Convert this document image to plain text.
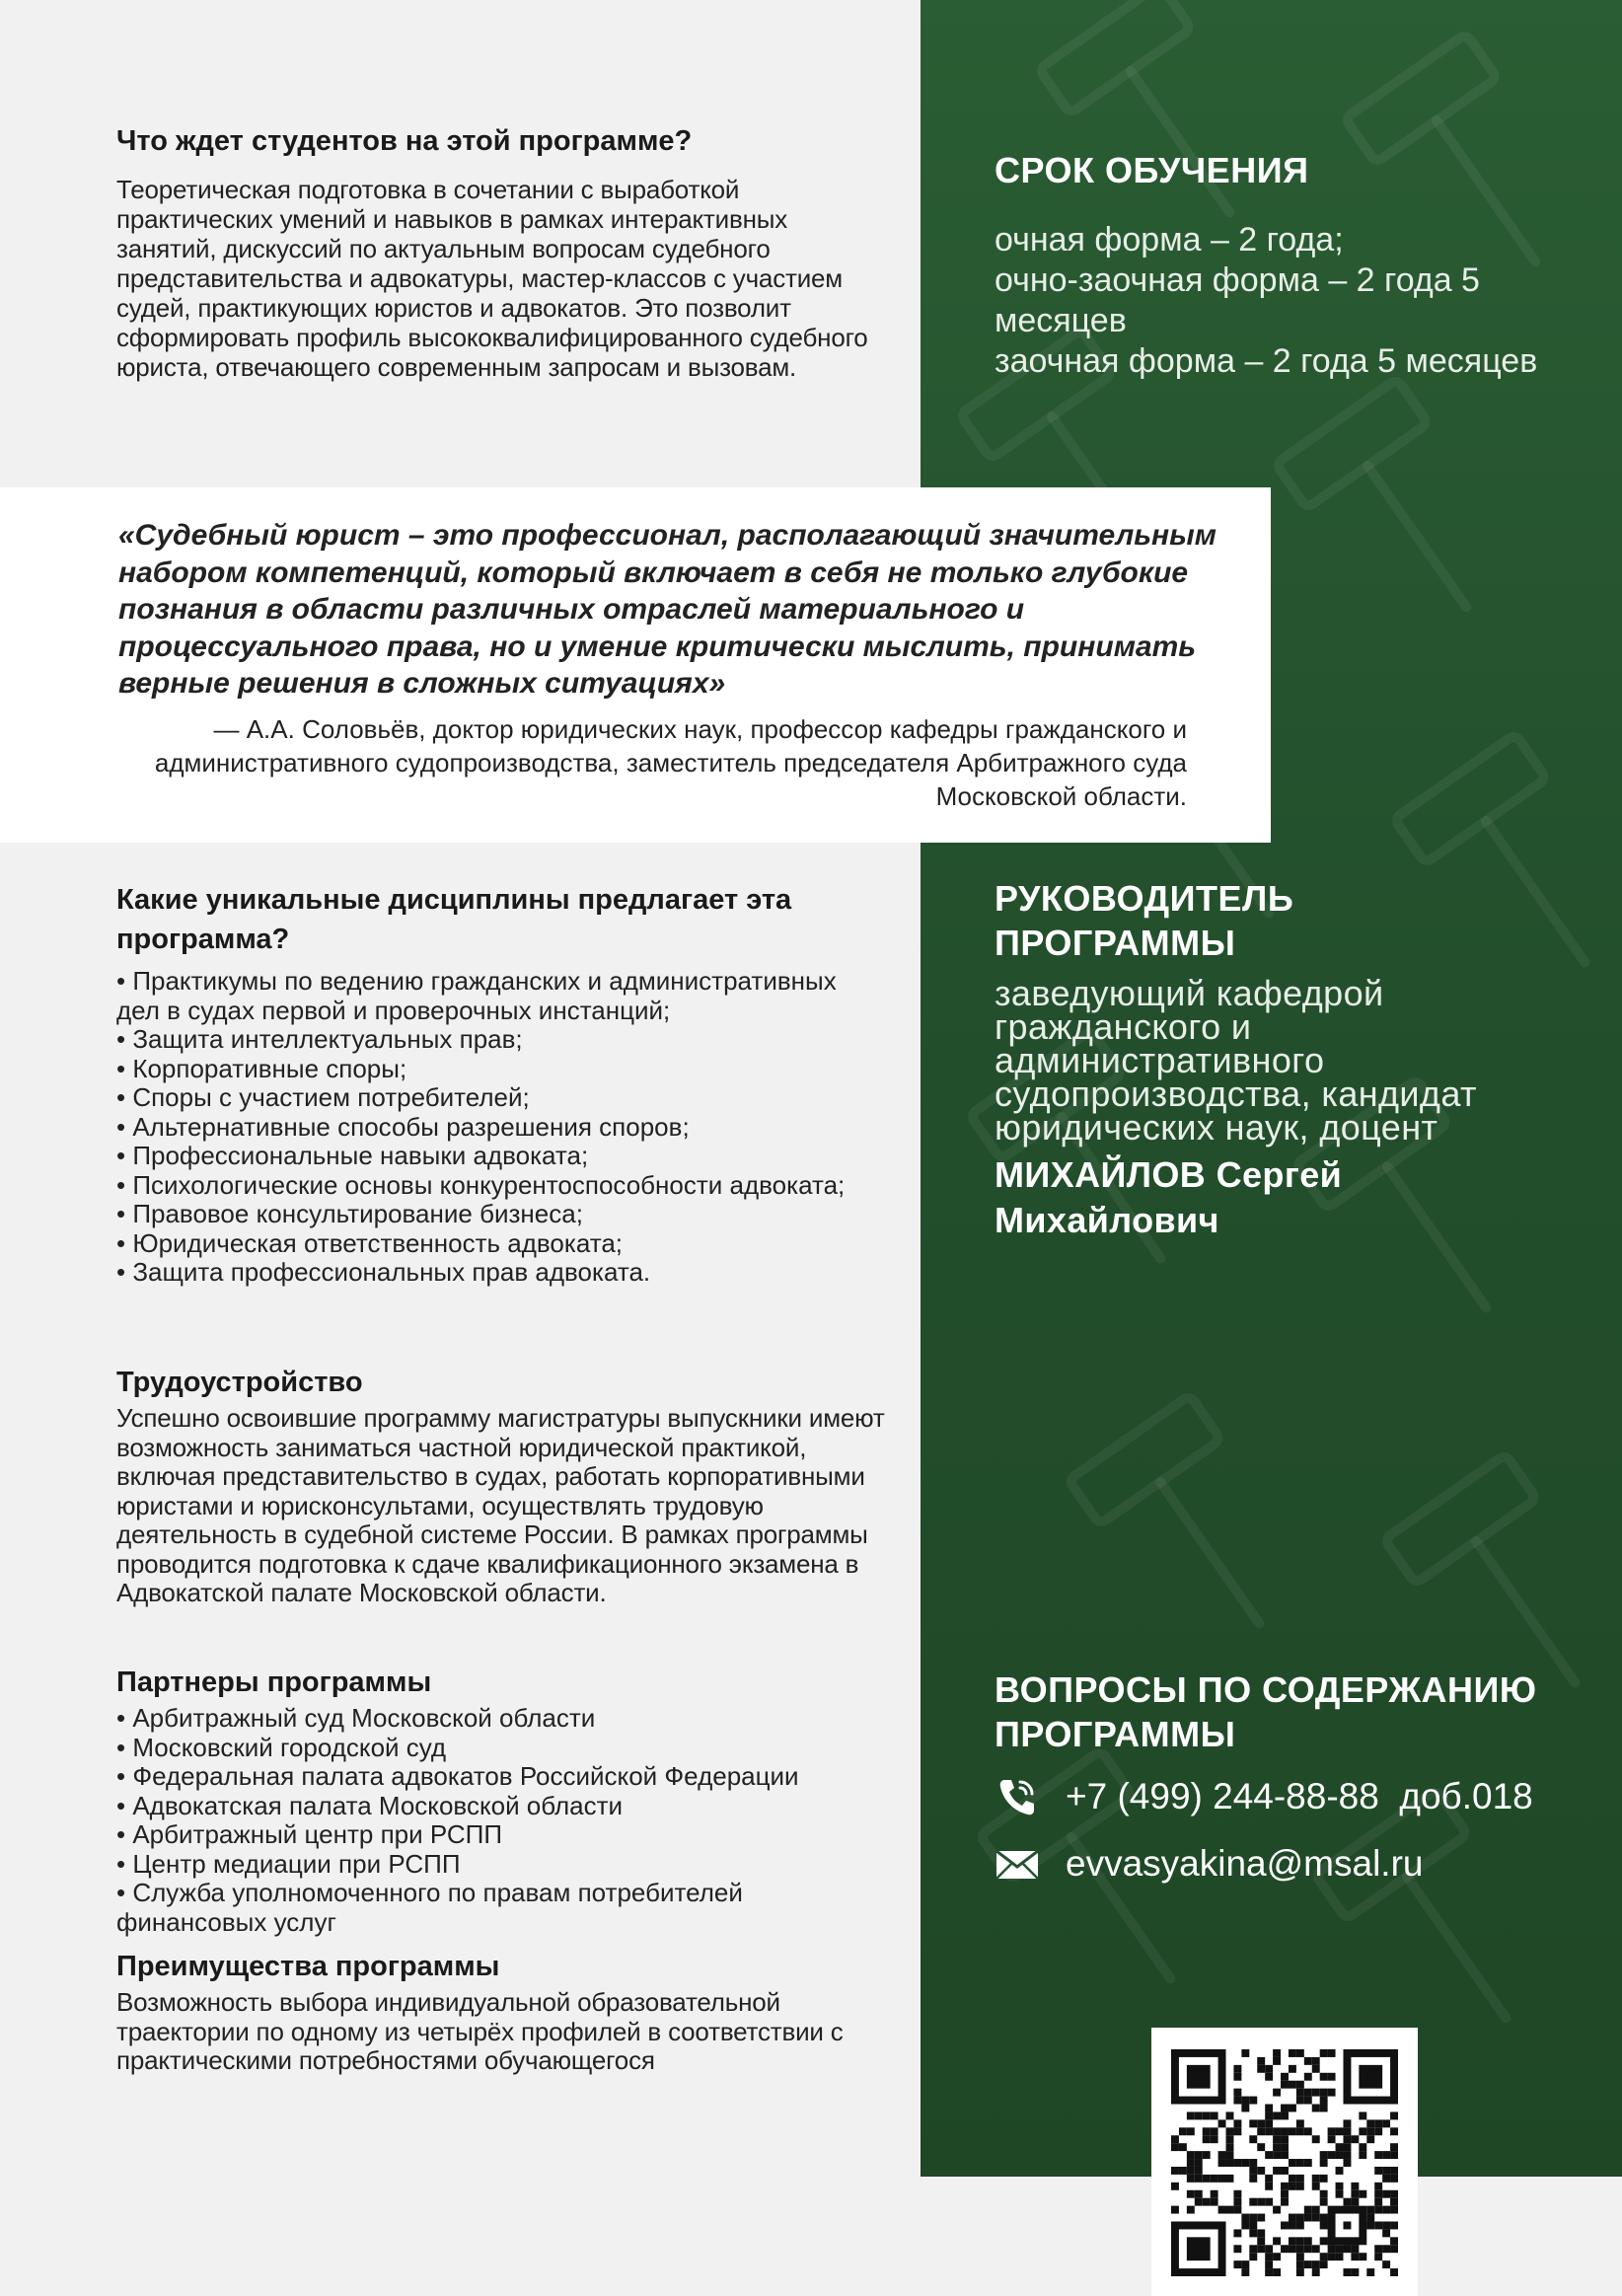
Что ждет студентов на этой программе?

Теоретическая подготовка в сочетании с выработкой практических умений и навыков в рамках интерактивных занятий, дискуссий по актуальным вопросам судебного представительства и адвокатуры, мастер-классов с участием судей, практикующих юристов и адвокатов. Это позволит сформировать профиль высококвалифицированного судебного юриста, отвечающего современным запросам и вызовам.

СРОК ОБУЧЕНИЯ

очная форма – 2 года;

очно-заочная форма – 2 года 5 месяцев

заочная форма – 2 года 5 месяцев

«Судебный юрист – это профессионал, располагающий значительным набором компетенций, который включает в себя не только глубокие познания в области различных отраслей материального и процессуального права, но и умение критически мыслить, принимать верные решения в сложных ситуациях»

— А.А. Соловьёв, доктор юридических наук, профессор кафедры гражданского и административного судопроизводства, заместитель председателя Арбитражного суда Московской области.

Какие уникальные дисциплины предлагает эта программа?
• Практикумы по ведению гражданских и административных дел в судах первой и проверочных инстанций;
• Защита интеллектуальных прав;
• Корпоративные споры;
• Споры с участием потребителей;
• Альтернативные способы разрешения споров;
• Профессиональные навыки адвоката;
• Психологические основы конкурентоспособности адвоката;
• Правовое консультирование бизнеса;
• Юридическая ответственность адвоката;
• Защита профессиональных прав адвоката.
Трудоустройство

Успешно освоившие программу магистратуры выпускники имеют возможность заниматься частной юридической практикой, включая представительство в судах, работать корпоративными юристами и юрисконсультами, осуществлять трудовую деятельность в судебной системе России. В рамках программы проводится подготовка к сдаче квалификационного экзамена в Адвокатской палате Московской области.

Партнеры программы
• Арбитражный суд Московской области
• Московский городской суд
• Федеральная палата адвокатов Российской Федерации
• Адвокатская палата Московской области
• Арбитражный центр при РСПП
• Центр медиации при РСПП
• Служба уполномоченного по правам потребителей финансовых услуг
Преимущества программы

Возможность выбора индивидуальной образовательной траектории по одному из четырёх профилей в соответствии с практическими потребностями обучающегося

РУКОВОДИТЕЛЬ ПРОГРАММЫ

заведующий кафедрой гражданского и административного судопроизводства, кандидат юридических наук, доцент

МИХАЙЛОВ Сергей Михайлович

ВОПРОСЫ ПО СОДЕРЖАНИЮ ПРОГРАММЫ
+7 (499) 244-88-88  доб.018
evvasyakina@msal.ru
